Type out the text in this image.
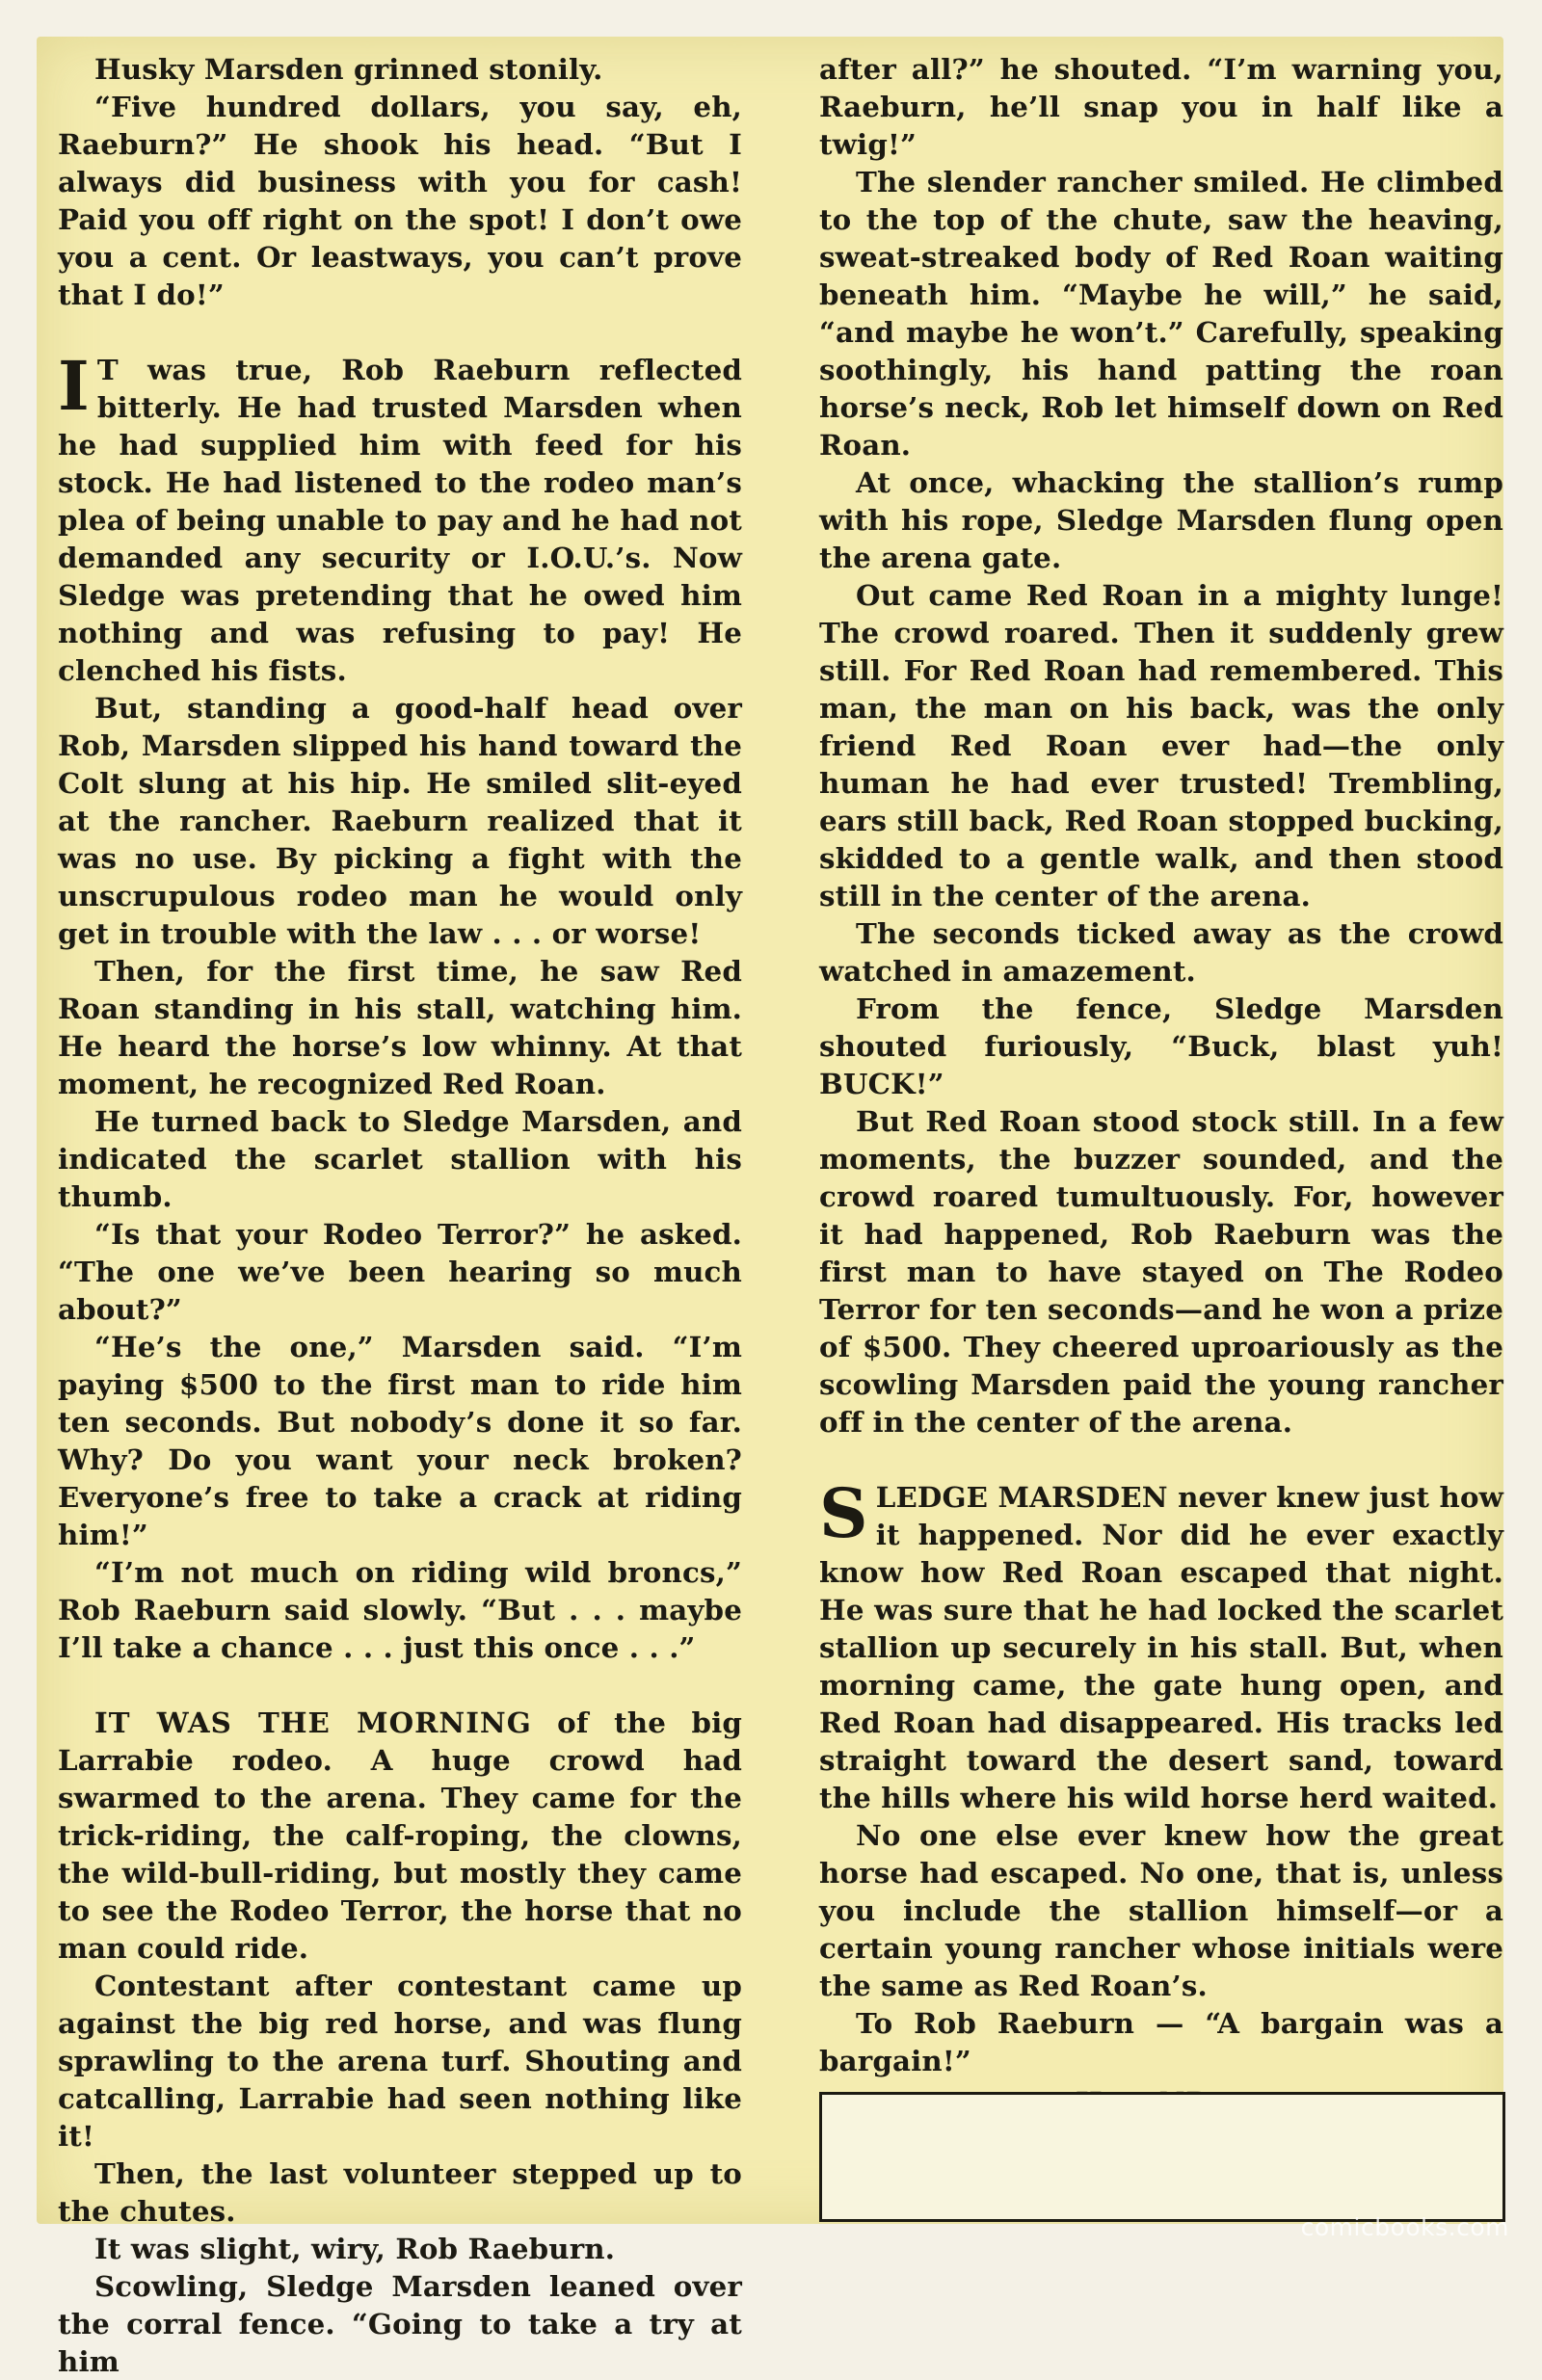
Husky Marsden grinned stonily.

“Five hundred dollars, you say, eh, Raeburn?” He shook his head. “But I always did business with you for cash! Paid you off right on the spot! I don’t owe you a cent. Or leastways, you can’t prove that I do!”

I T was true, Rob Raeburn reflected bitterly. He had trusted Marsden when he had supplied him with feed for his stock. He had listened to the rodeo man’s plea of being unable to pay and he had not demanded any security or I.O.U.’s. Now Sledge was pretending that he owed him nothing and was refusing to pay! He clenched his fists.

But, standing a good-half head over Rob, Marsden slipped his hand toward the Colt slung at his hip. He smiled slit-eyed at the rancher. Raeburn realized that it was no use. By picking a fight with the unscrupulous rodeo man he would only get in trouble with the law . . . or worse!

Then, for the first time, he saw Red Roan standing in his stall, watching him. He heard the horse’s low whinny. At that moment, he recognized Red Roan.

He turned back to Sledge Marsden, and indicated the scarlet stallion with his thumb.

“Is that your Rodeo Terror?” he asked. “The one we’ve been hearing so much about?”

“He’s the one,” Marsden said. “I’m paying $500 to the first man to ride him ten seconds. But nobody’s done it so far. Why? Do you want your neck broken? Everyone’s free to take a crack at riding him!”

“I’m not much on riding wild broncs,” Rob Raeburn said slowly. “But . . . maybe I’ll take a chance . . . just this once . . .”

IT WAS THE MORNING of the big Larrabie rodeo. A huge crowd had swarmed to the arena. They came for the trick-riding, the calf-roping, the clowns, the wild-bull-riding, but mostly they came to see the Rodeo Terror, the horse that no man could ride.

Contestant after contestant came up against the big red horse, and was flung sprawling to the arena turf. Shouting and catcalling, Larrabie had seen nothing like it!

Then, the last volunteer stepped up to the chutes.

It was slight, wiry, Rob Raeburn.

Scowling, Sledge Marsden leaned over the corral fence. “Going to take a try at him

after all?” he shouted. “I’m warning you, Raeburn, he’ll snap you in half like a twig!”

The slender rancher smiled. He climbed to the top of the chute, saw the heaving, sweat-streaked body of Red Roan waiting beneath him. “Maybe he will,” he said, “and maybe he won’t.” Carefully, speaking soothingly, his hand patting the roan horse’s neck, Rob let himself down on Red Roan.

At once, whacking the stallion’s rump with his rope, Sledge Marsden flung open the arena gate.

Out came Red Roan in a mighty lunge! The crowd roared. Then it suddenly grew still. For Red Roan had remembered. This man, the man on his back, was the only friend Red Roan ever had—the only human he had ever trusted! Trembling, ears still back, Red Roan stopped bucking, skidded to a gentle walk, and then stood still in the center of the arena.

The seconds ticked away as the crowd watched in amazement.

From the fence, Sledge Marsden shouted furiously, “Buck, blast yuh! BUCK!”

But Red Roan stood stock still. In a few moments, the buzzer sounded, and the crowd roared tumultuously. For, however it had happened, Rob Raeburn was the first man to have stayed on The Rodeo Terror for ten seconds—and he won a prize of $500. They cheered uproariously as the scowling Marsden paid the young rancher off in the center of the arena.

SLEDGE MARSDEN never knew just how it happened. Nor did he ever exactly know how Red Roan escaped that night. He was sure that he had locked the scarlet stallion up securely in his stall. But, when morning came, the gate hung open, and Red Roan had disappeared. His tracks led straight toward the desert sand, toward the hills where his wild horse herd waited.

No one else ever knew how the great horse had escaped. No one, that is, unless you include the stallion himself—or a certain young rancher whose initials were the same as Red Roan’s.

To Rob Raeburn — “A bargain was a bargain!”

comicbooks.com
